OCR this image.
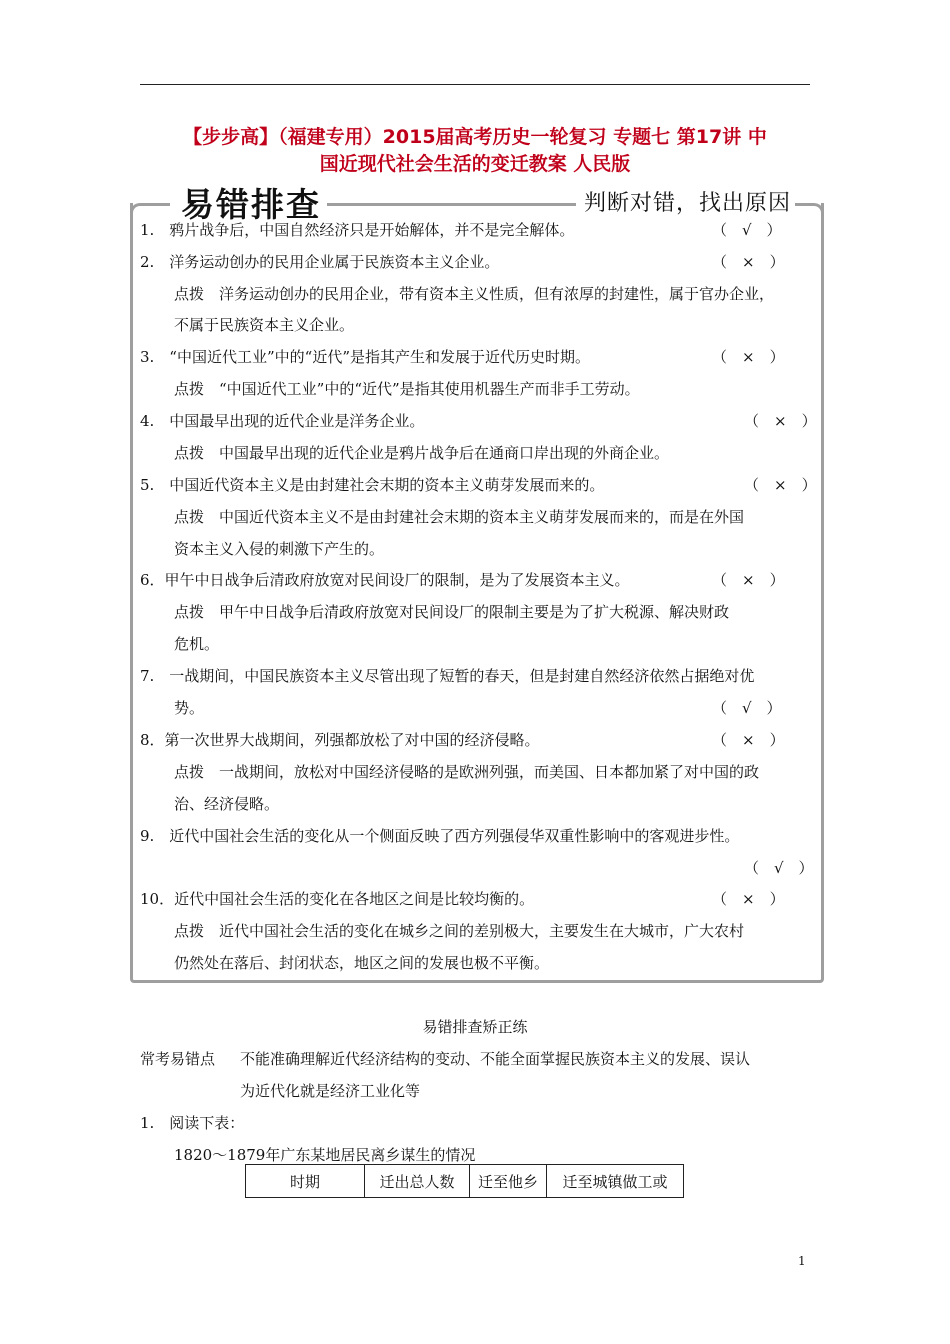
【步步高】（福建专用）2015届高考历史一轮复习 专题七 第17讲 中
国近现代社会生活的变迁教案 人民版
易错排查	判断对错，找出原因
1.　鸦片战争后，中国自然经济只是开始解体，并不是完全解体。	（　√　）
2.　洋务运动创办的民用企业属于民族资本主义企业。	（　×　）
点拨　洋务运动创办的民用企业，带有资本主义性质，但有浓厚的封建性，属于官办企业，
不属于民族资本主义企业。
3.　“中国近代工业”中的“近代”是指其产生和发展于近代历史时期。	（　×　）
点拨　“中国近代工业”中的“近代”是指其使用机器生产而非手工劳动。
4.　中国最早出现的近代企业是洋务企业。	（　×　）
点拨　中国最早出现的近代企业是鸦片战争后在通商口岸出现的外商企业。
5.　中国近代资本主义是由封建社会末期的资本主义萌芽发展而来的。	（　×　）
点拨　中国近代资本主义不是由封建社会末期的资本主义萌芽发展而来的，而是在外国
资本主义入侵的刺激下产生的。
6．甲午中日战争后清政府放宽对民间设厂的限制，是为了发展资本主义。	（　×　）
点拨　甲午中日战争后清政府放宽对民间设厂的限制主要是为了扩大税源、解决财政
危机。
7.　一战期间，中国民族资本主义尽管出现了短暂的春天，但是封建自然经济依然占据绝对优
势。	（　√　）
8．第一次世界大战期间，列强都放松了对中国的经济侵略。	（　×　）
点拨　一战期间，放松对中国经济侵略的是欧洲列强，而美国、日本都加紧了对中国的政
治、经济侵略。
9.　近代中国社会生活的变化从一个侧面反映了西方列强侵华双重性影响中的客观进步性。
（　√　）
10．近代中国社会生活的变化在各地区之间是比较均衡的。	（　×　）
点拨　近代中国社会生活的变化在城乡之间的差别极大，主要发生在大城市，广大农村
仍然处在落后、封闭状态，地区之间的发展也极不平衡。
易错排查矫正练
常考易错点 不能准确理解近代经济结构的变动、不能全面掌握民族资本主义的发展、误认
为近代化就是经济工业化等
1.　阅读下表：
1820～1879年广东某地居民离乡谋生的情况
时期	迁出总人数	迁至他乡	迁至城镇做工或
1
